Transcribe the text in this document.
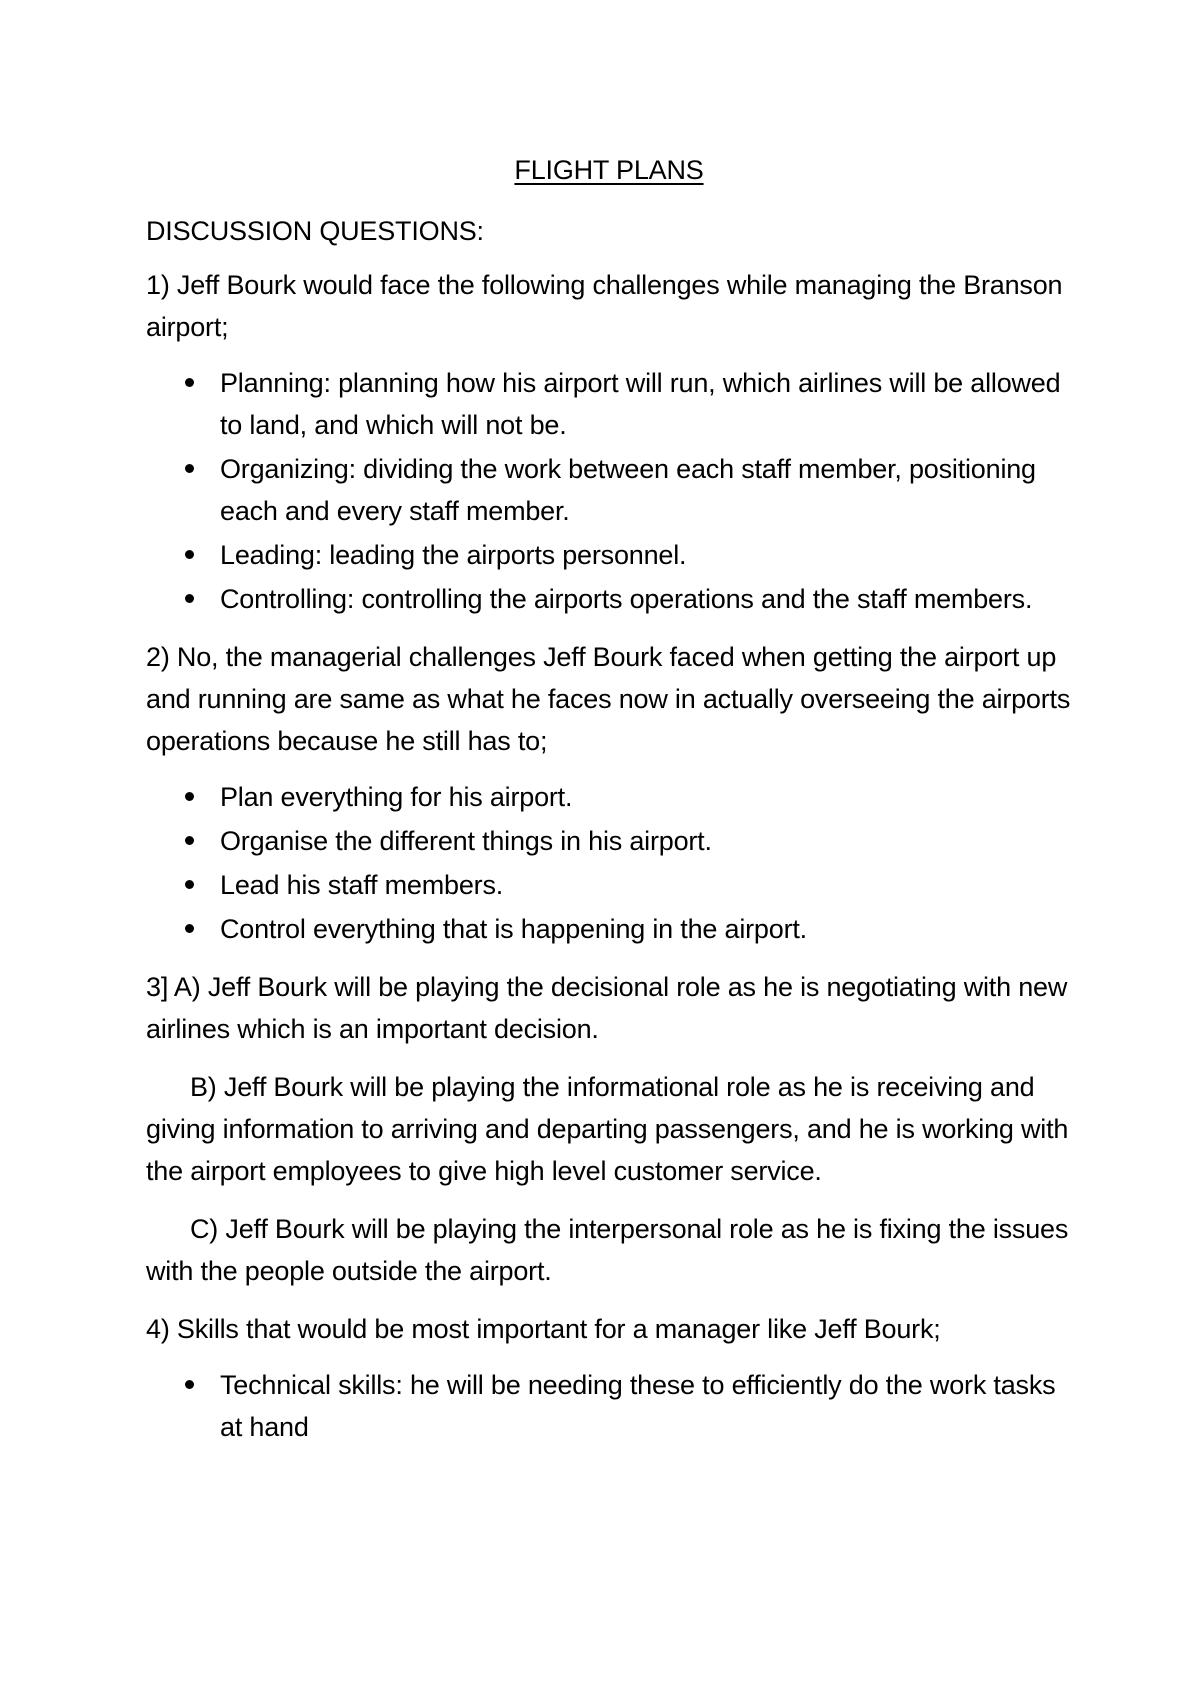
FLIGHT PLANS

DISCUSSION QUESTIONS:

1) Jeff Bourk would face the following challenges while managing the Branson airport;

Planning: planning how his airport will run, which airlines will be allowed to land, and which will not be.
Organizing: dividing the work between each staff member, positioning each and every staff member.
Leading: leading the airports personnel.
Controlling: controlling the airports operations and the staff members.

2) No, the managerial challenges Jeff Bourk faced when getting the airport up and running are same as what he faces now in actually overseeing the airports operations because he still has to;

Plan everything for his airport.
Organise the different things in his airport.
Lead his staff members.
Control everything that is happening in the airport.

3] A) Jeff Bourk will be playing the decisional role as he is negotiating with new airlines which is an important decision.

B) Jeff Bourk will be playing the informational role as he is receiving and giving information to arriving and departing passengers, and he is working with the airport employees to give high level customer service.

C) Jeff Bourk will be playing the interpersonal role as he is fixing the issues with the people outside the airport.

4) Skills that would be most important for a manager like Jeff Bourk;

Technical skills: he will be needing these to efficiently do the work tasks at hand
